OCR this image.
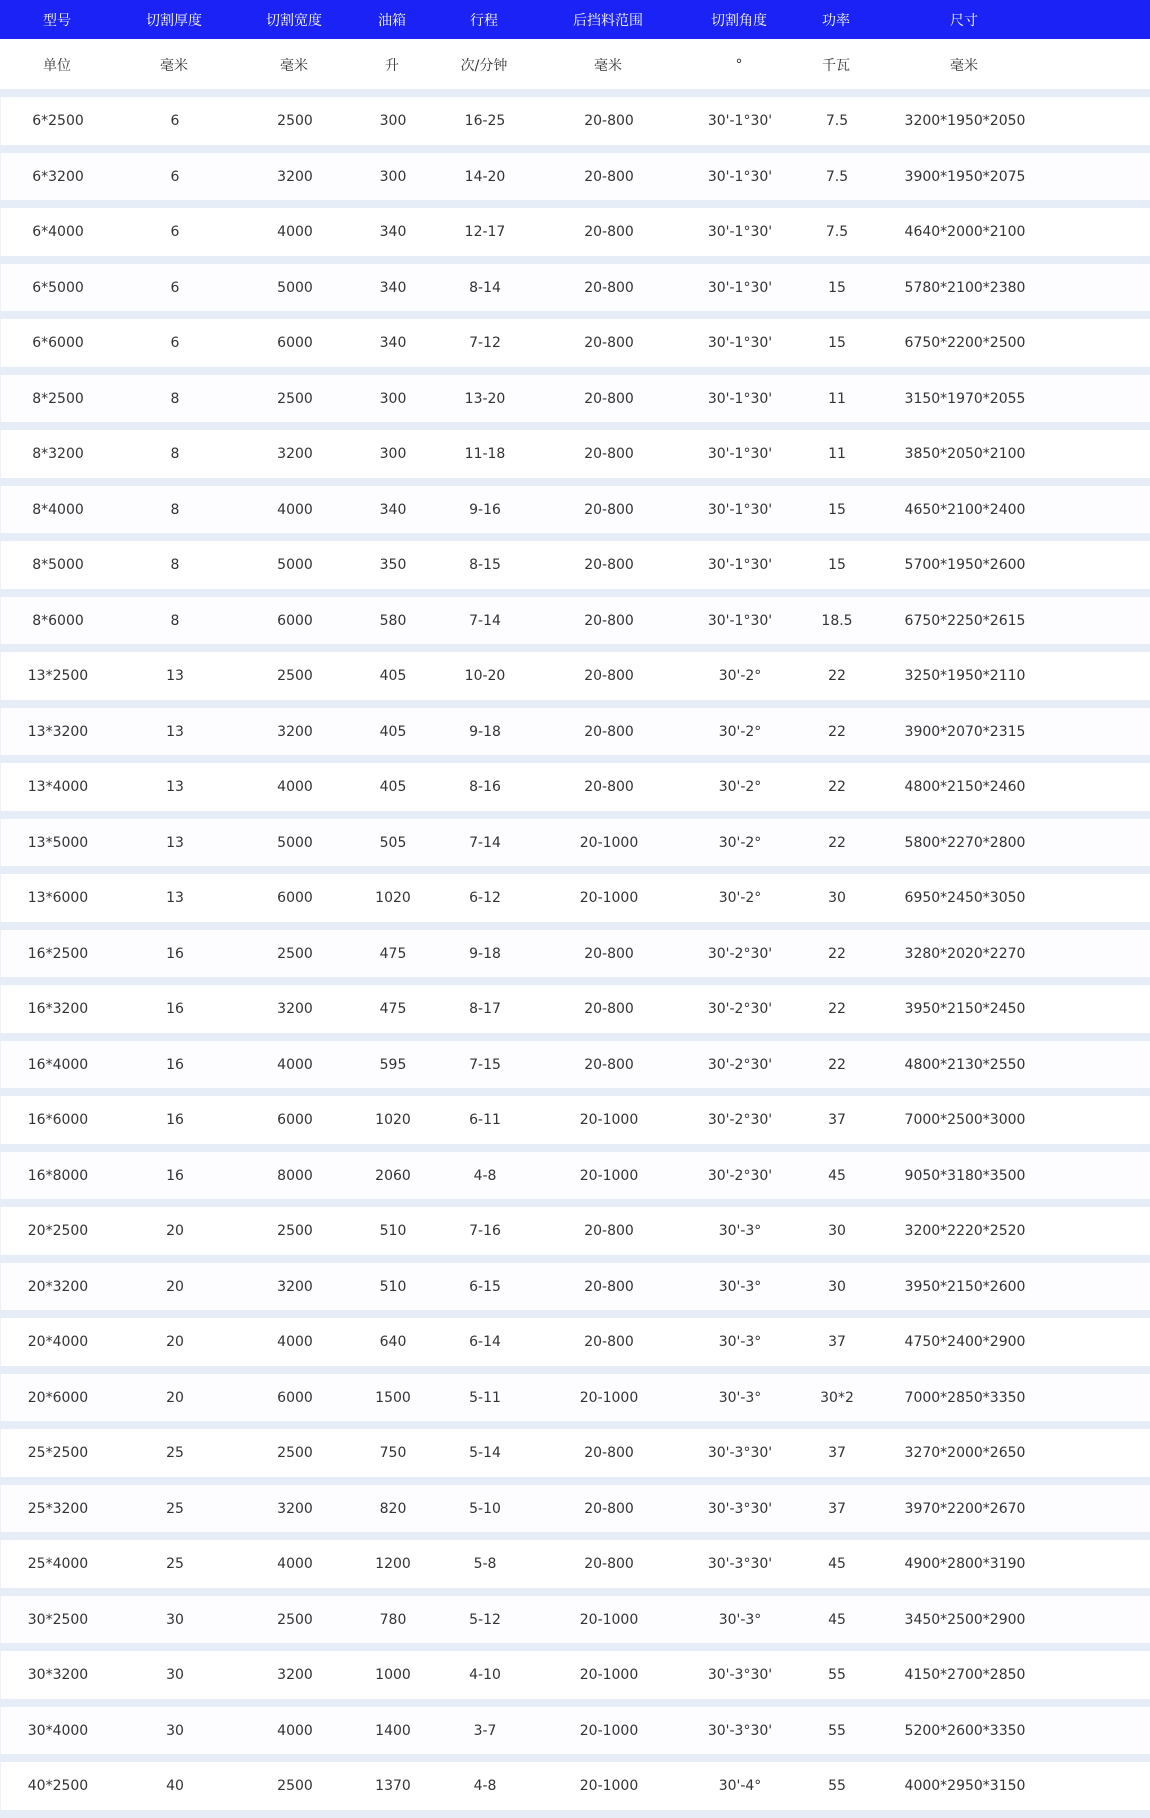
型号	切割厚度	切割宽度	油箱	行程	后挡料范围	切割角度	功率	尺寸
单位	毫米	毫米	升	次/分钟	毫米	°	千瓦	毫米
6*2500	6	2500	300	16-25	20-800	30'-1°30'	7.5	3200*1950*2050
6*3200	6	3200	300	14-20	20-800	30'-1°30'	7.5	3900*1950*2075
6*4000	6	4000	340	12-17	20-800	30'-1°30'	7.5	4640*2000*2100
6*5000	6	5000	340	8-14	20-800	30'-1°30'	15	5780*2100*2380
6*6000	6	6000	340	7-12	20-800	30'-1°30'	15	6750*2200*2500
8*2500	8	2500	300	13-20	20-800	30'-1°30'	11	3150*1970*2055
8*3200	8	3200	300	11-18	20-800	30'-1°30'	11	3850*2050*2100
8*4000	8	4000	340	9-16	20-800	30'-1°30'	15	4650*2100*2400
8*5000	8	5000	350	8-15	20-800	30'-1°30'	15	5700*1950*2600
8*6000	8	6000	580	7-14	20-800	30'-1°30'	18.5	6750*2250*2615
13*2500	13	2500	405	10-20	20-800	30'-2°	22	3250*1950*2110
13*3200	13	3200	405	9-18	20-800	30'-2°	22	3900*2070*2315
13*4000	13	4000	405	8-16	20-800	30'-2°	22	4800*2150*2460
13*5000	13	5000	505	7-14	20-1000	30'-2°	22	5800*2270*2800
13*6000	13	6000	1020	6-12	20-1000	30'-2°	30	6950*2450*3050
16*2500	16	2500	475	9-18	20-800	30'-2°30'	22	3280*2020*2270
16*3200	16	3200	475	8-17	20-800	30'-2°30'	22	3950*2150*2450
16*4000	16	4000	595	7-15	20-800	30'-2°30'	22	4800*2130*2550
16*6000	16	6000	1020	6-11	20-1000	30'-2°30'	37	7000*2500*3000
16*8000	16	8000	2060	4-8	20-1000	30'-2°30'	45	9050*3180*3500
20*2500	20	2500	510	7-16	20-800	30'-3°	30	3200*2220*2520
20*3200	20	3200	510	6-15	20-800	30'-3°	30	3950*2150*2600
20*4000	20	4000	640	6-14	20-800	30'-3°	37	4750*2400*2900
20*6000	20	6000	1500	5-11	20-1000	30'-3°	30*2	7000*2850*3350
25*2500	25	2500	750	5-14	20-800	30'-3°30'	37	3270*2000*2650
25*3200	25	3200	820	5-10	20-800	30'-3°30'	37	3970*2200*2670
25*4000	25	4000	1200	5-8	20-800	30'-3°30'	45	4900*2800*3190
30*2500	30	2500	780	5-12	20-1000	30'-3°	45	3450*2500*2900
30*3200	30	3200	1000	4-10	20-1000	30'-3°30'	55	4150*2700*2850
30*4000	30	4000	1400	3-7	20-1000	30'-3°30'	55	5200*2600*3350
40*2500	40	2500	1370	4-8	20-1000	30'-4°	55	4000*2950*3150
